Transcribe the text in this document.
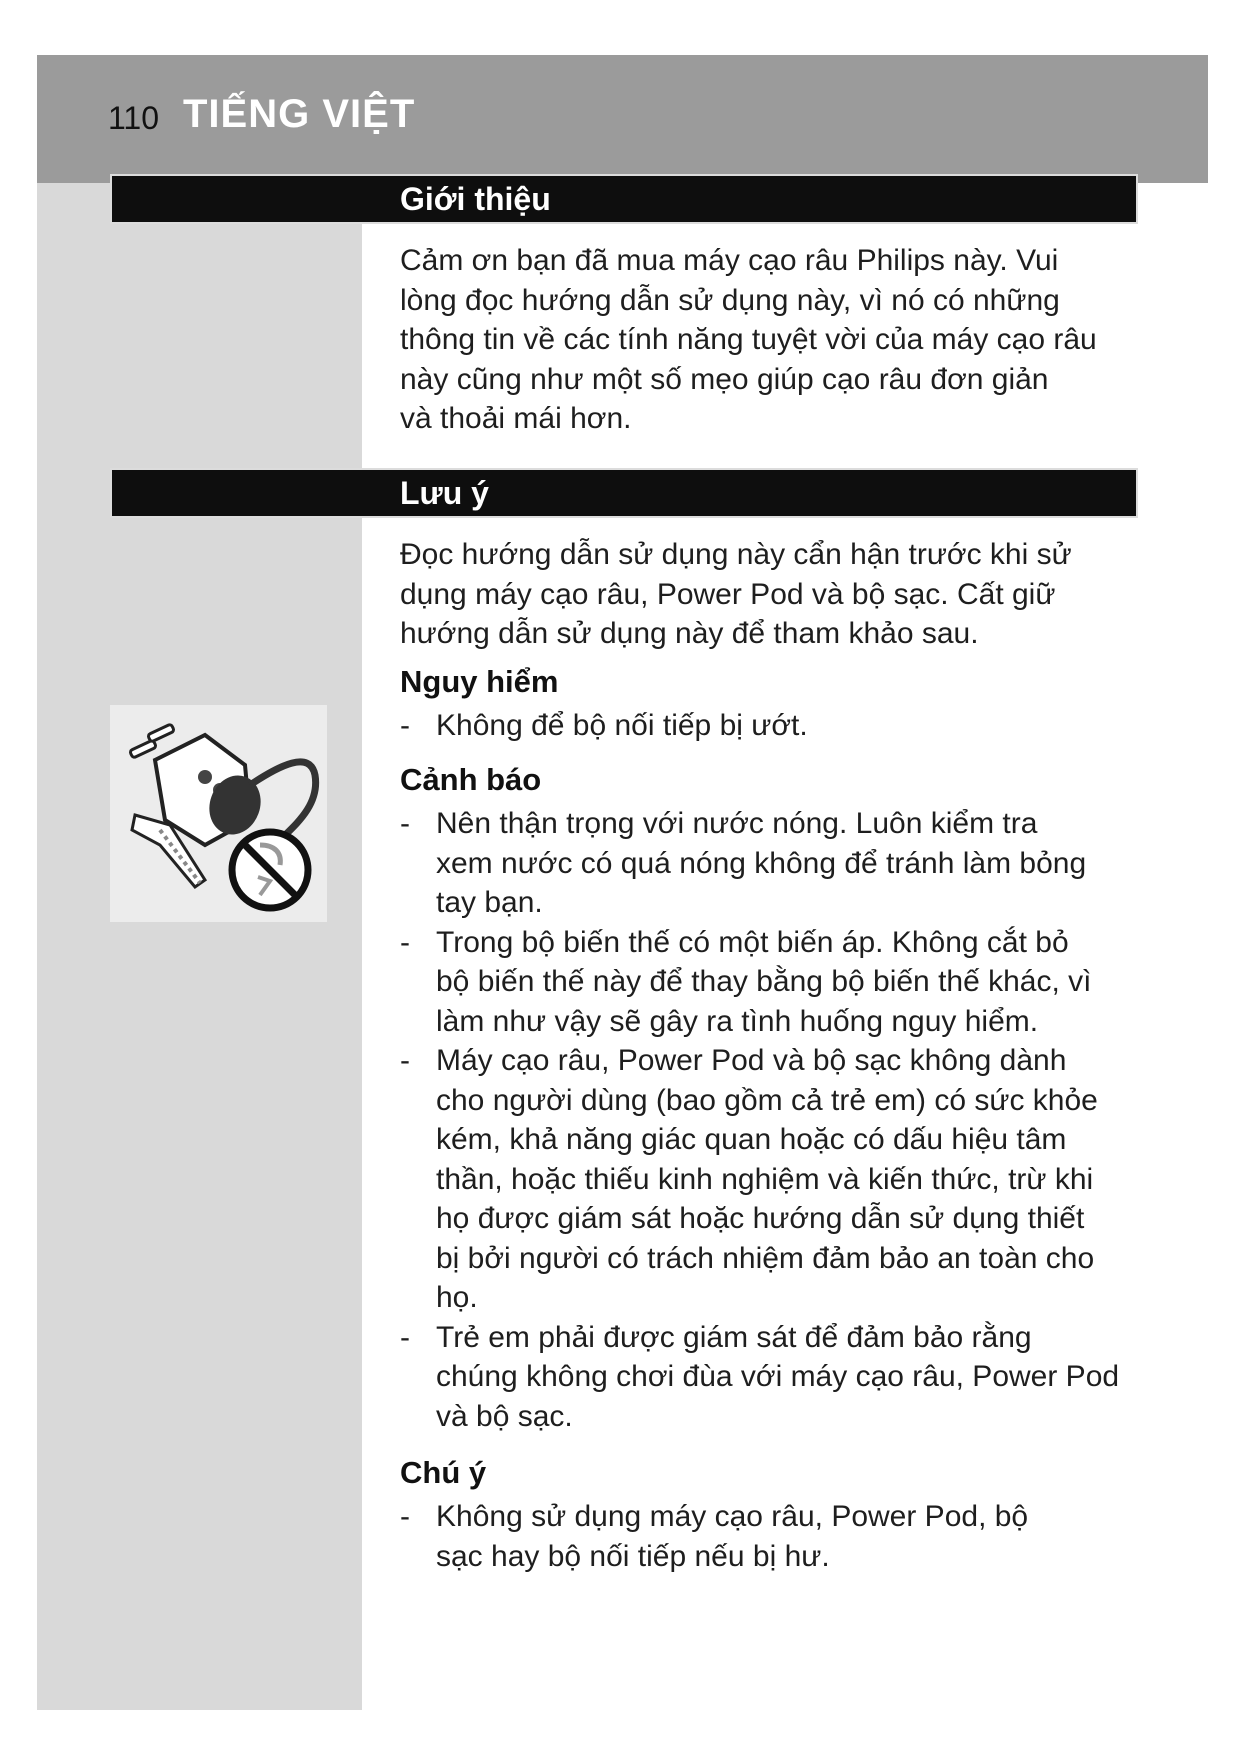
110 TIẾNG VIỆT
Giới thiệu
Cảm ơn bạn đã mua máy cạo râu Philips này. Vui
lòng đọc hướng dẫn sử dụng này, vì nó có những
thông tin về các tính năng tuyệt vời của máy cạo râu
này cũng như một số mẹo giúp cạo râu đơn giản
và thoải mái hơn.
Lưu ý
Đọc hướng dẫn sử dụng này cẩn hận trước khi sử
dụng máy cạo râu, Power Pod và bộ sạc. Cất giữ
hướng dẫn sử dụng này để tham khảo sau.
Nguy hiểm
- Không để bộ nối tiếp bị ướt.
Cảnh báo
- Nên thận trọng với nước nóng. Luôn kiểm tra
xem nước có quá nóng không để tránh làm bỏng
tay bạn.
- Trong bộ biến thế có một biến áp. Không cắt bỏ
bộ biến thế này để thay bằng bộ biến thế khác, vì
làm như vậy sẽ gây ra tình huống nguy hiểm.
- Máy cạo râu, Power Pod và bộ sạc không dành
cho người dùng (bao gồm cả trẻ em) có sức khỏe
kém, khả năng giác quan hoặc có dấu hiệu tâm
thần, hoặc thiếu kinh nghiệm và kiến thức, trừ khi
họ được giám sát hoặc hướng dẫn sử dụng thiết
bị bởi người có trách nhiệm đảm bảo an toàn cho
họ.
- Trẻ em phải được giám sát để đảm bảo rằng
chúng không chơi đùa với máy cạo râu, Power Pod
và bộ sạc.
Chú ý
- Không sử dụng máy cạo râu, Power Pod, bộ
sạc hay bộ nối tiếp nếu bị hư.
